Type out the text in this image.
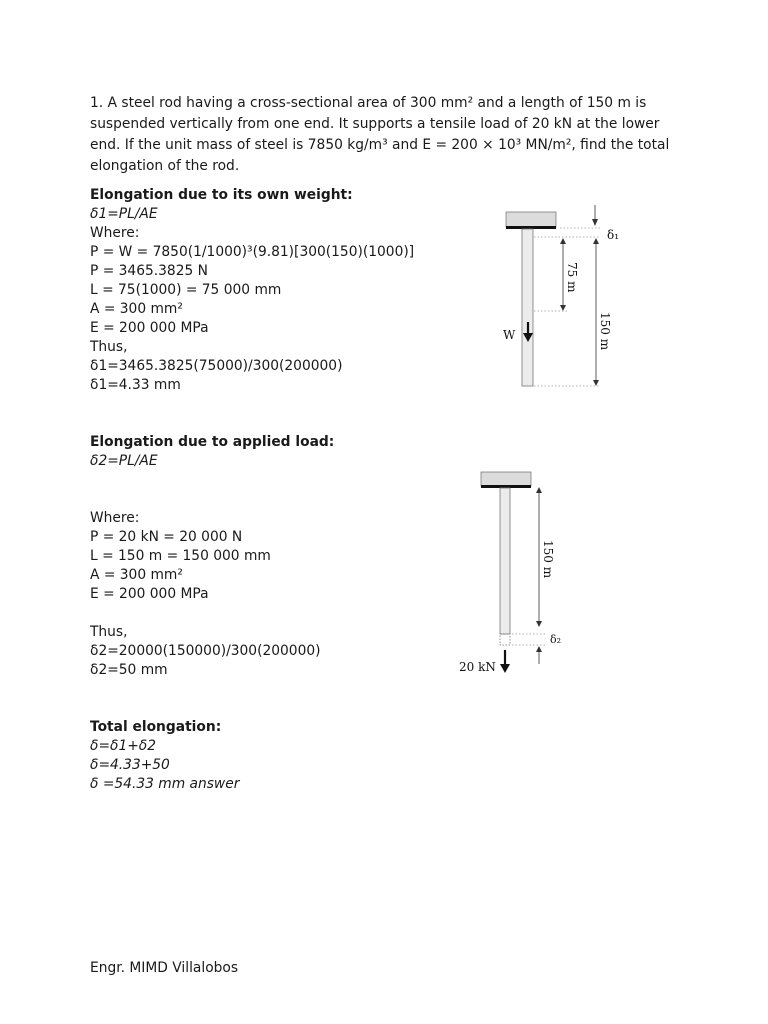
1. A steel rod having a cross-sectional area of 300 mm² and a length of 150 m is suspended vertically from one end. It supports a tensile load of 20 kN at the lower end. If the unit mass of steel is 7850 kg/m³ and E = 200 × 10³ MN/m², find the total elongation of the rod.
Elongation due to its own weight:
δ1=PL/AE
Where:
P = W = 7850(1/1000)³(9.81)[300(150)(1000)]
P = 3465.3825 N
L = 75(1000) = 75 000 mm
A = 300 mm²
E = 200 000 MPa
Thus,
δ1=3465.3825(75000)/300(200000)
δ1=4.33 mm
Elongation due to applied load:
δ2=PL/AE
Where:
P = 20 kN = 20 000 N
L = 150 m = 150 000 mm
A = 300 mm²
E = 200 000 MPa
Thus,
δ2=20000(150000)/300(200000)
δ2=50 mm
Total elongation:
δ=δ1+δ2
δ=4.33+50
δ =54.33 mm answer
W
δ₁
75 m
150 m
20 kN
150 m
δ₂
Engr. MIMD Villalobos
